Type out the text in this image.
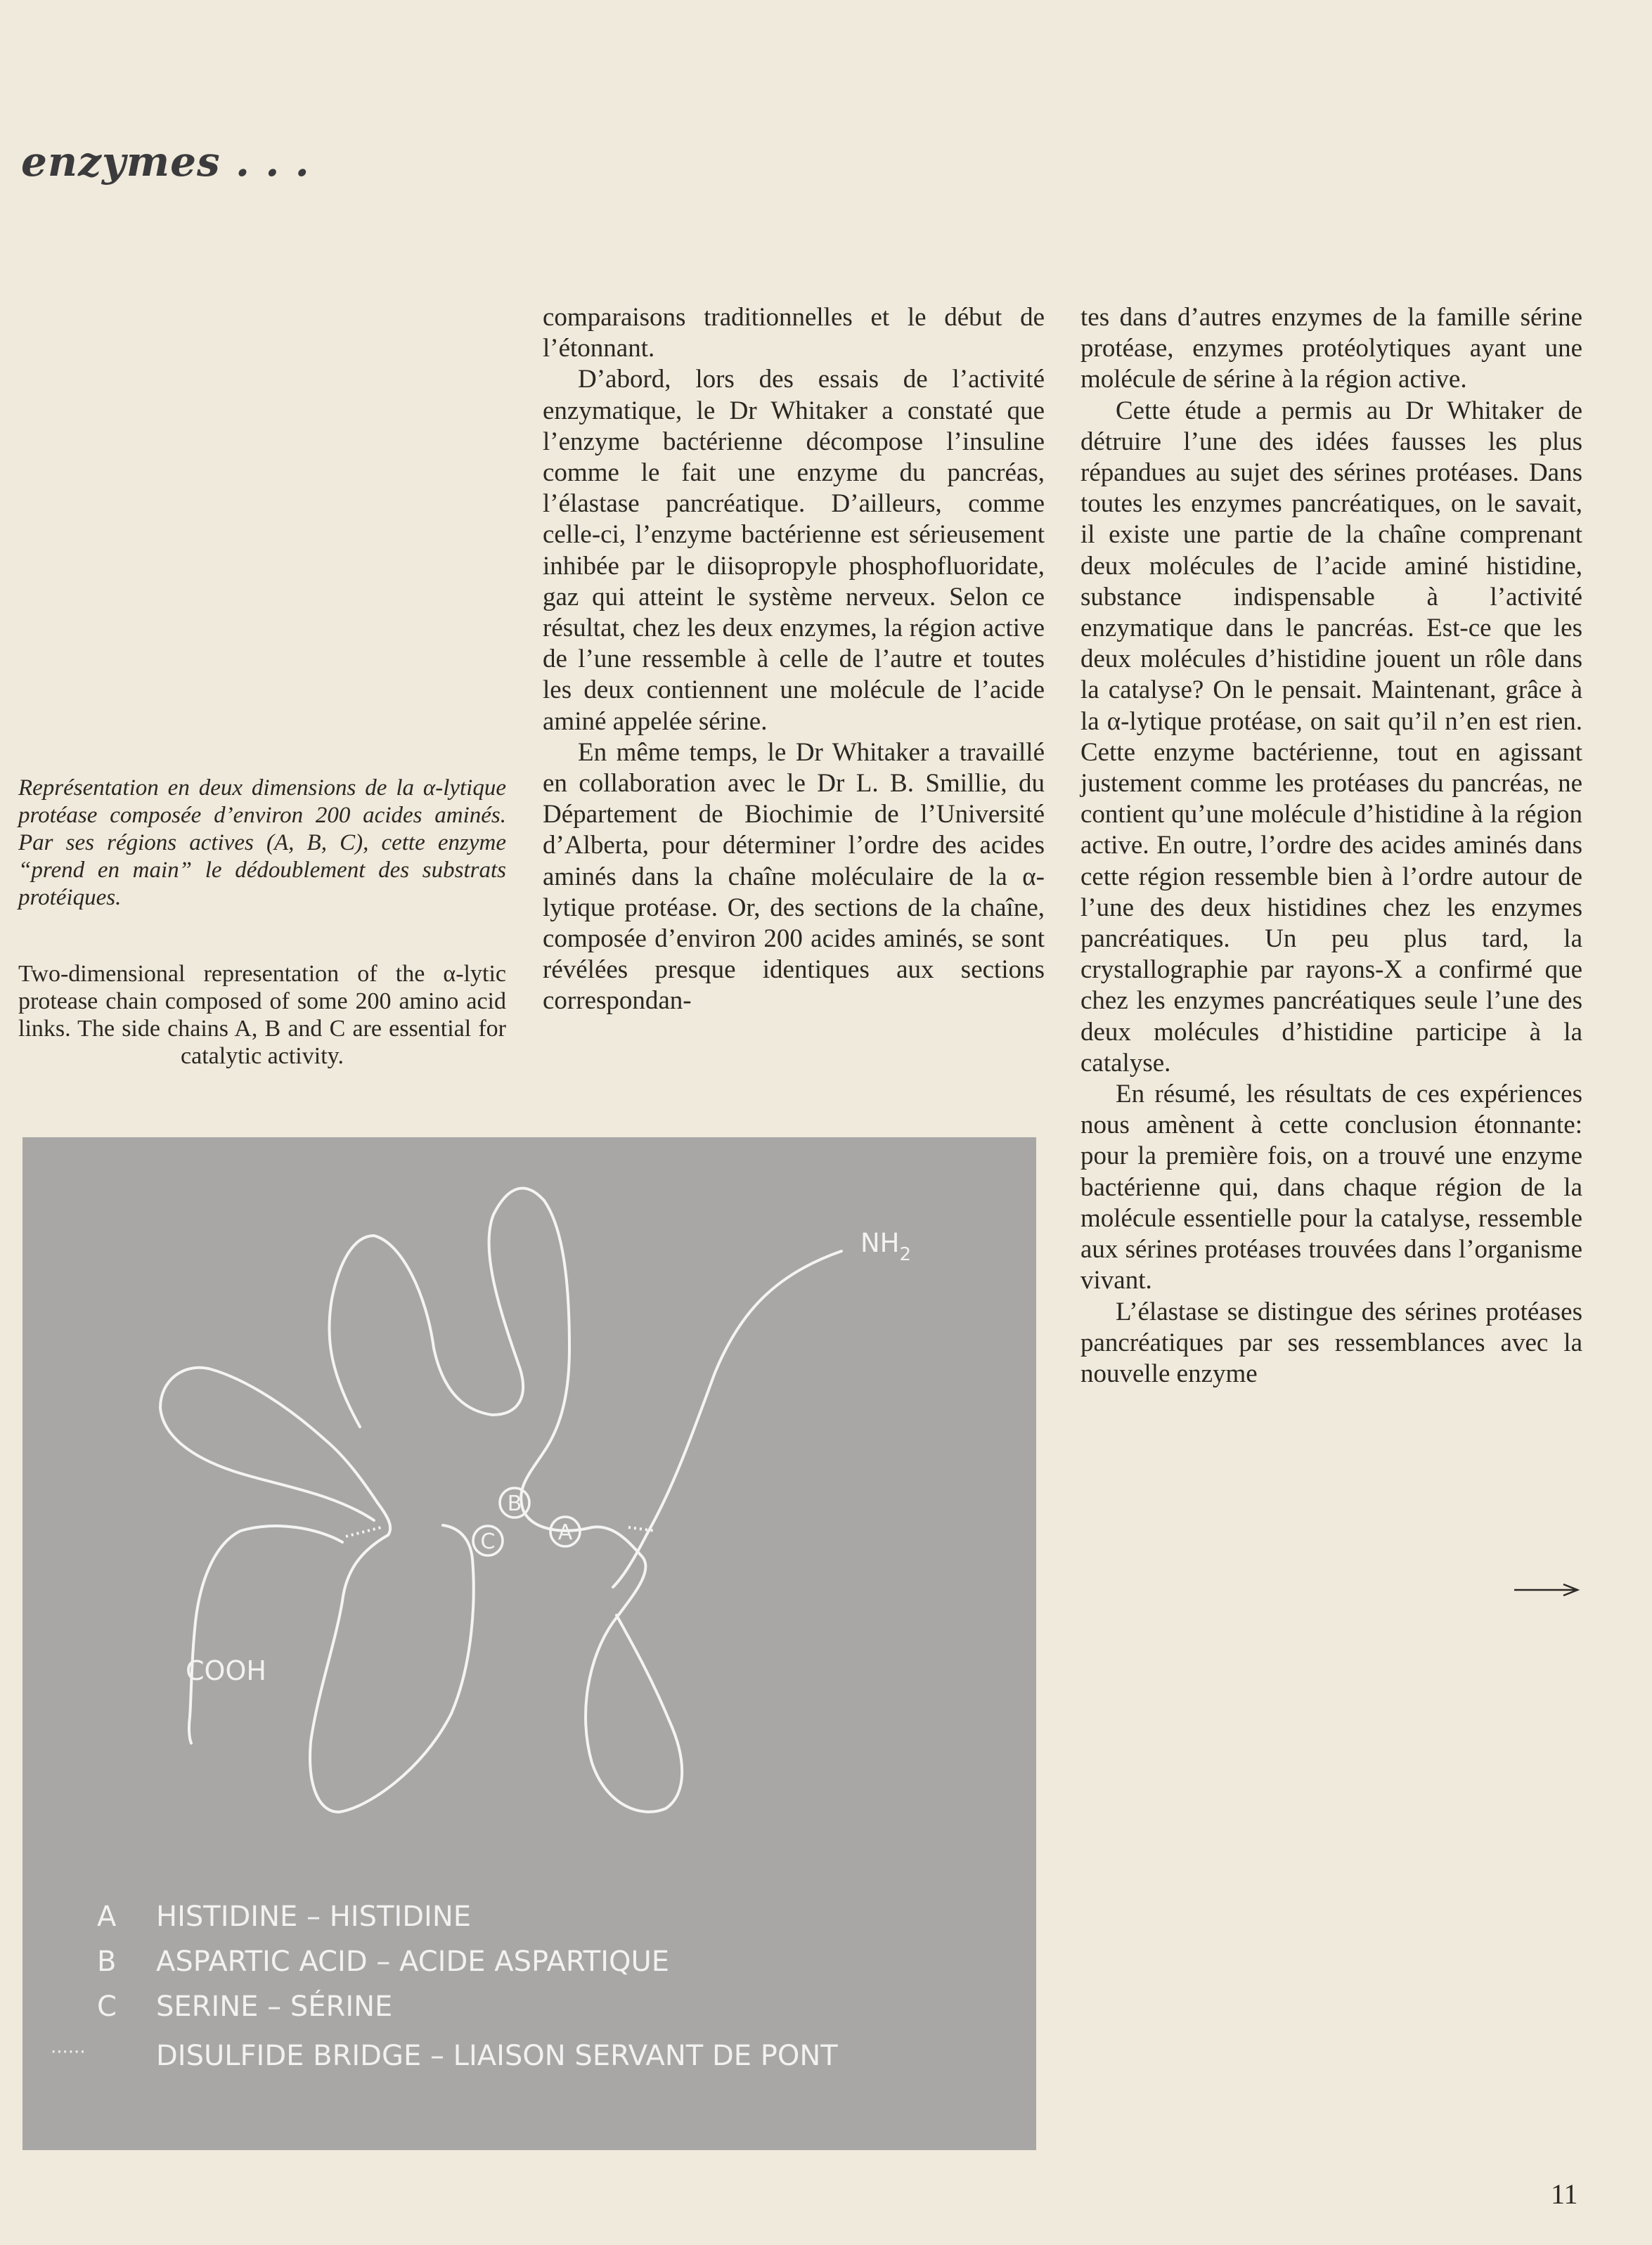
enzymes . . .
Représentation en deux dimensions de la α-lytique protéase composée d’environ 200 acides aminés. Par ses régions actives (A, B, C), cette enzyme “prend en main” le dédoublement des substrats protéiques.
Two-dimensional representation of the α-lytic protease chain composed of some 200 amino acid links. The side chains A, B and C are essential for catalytic activity.

comparaisons traditionnelles et le début de l’étonnant.

D’abord, lors des essais de l’activité enzymatique, le Dr Whitaker a constaté que l’enzyme bactérienne décompose l’insuline comme le fait une enzyme du pancréas, l’élastase pancréatique. D’ailleurs, comme celle-ci, l’enzyme bactérienne est sérieusement inhibée par le diisopropyle phosphofluoridate, gaz qui atteint le système nerveux. Selon ce résultat, chez les deux enzymes, la région active de l’une ressemble à celle de l’autre et toutes les deux contiennent une molécule de l’acide aminé appelée sérine.

En même temps, le Dr Whitaker a travaillé en collaboration avec le Dr L. B. Smillie, du Département de Biochimie de l’Université d’Alberta, pour déterminer l’ordre des acides aminés dans la chaîne moléculaire de la α-lytique protéase. Or, des sections de la chaîne, composée d’environ 200 acides aminés, se sont révélées presque identiques aux sections correspondan-

tes dans d’autres enzymes de la famille sérine protéase, enzymes protéolytiques ayant une molécule de sérine à la région active.

Cette étude a permis au Dr Whitaker de détruire l’une des idées fausses les plus répandues au sujet des sérines protéases. Dans toutes les enzymes pancréatiques, on le savait, il existe une partie de la chaîne comprenant deux molécules de l’acide aminé histidine, substance indispensable à l’activité enzymatique dans le pancréas. Est-ce que les deux molécules d’histidine jouent un rôle dans la catalyse? On le pensait. Maintenant, grâce à la α-lytique protéase, on sait qu’il n’en est rien. Cette enzyme bactérienne, tout en agissant justement comme les protéases du pancréas, ne contient qu’une molécule d’histidine à la région active. En outre, l’ordre des acides aminés dans cette région ressemble bien à l’ordre autour de l’une des deux histidines chez les enzymes pancréatiques. Un peu plus tard, la crystallographie par rayons-X a confirmé que chez les enzymes pancréatiques seule l’une des deux molécules d’histidine participe à la catalyse.

En résumé, les résultats de ces expériences nous amènent à cette conclusion étonnante: pour la première fois, on a trouvé une enzyme bactérienne qui, dans chaque région de la molécule essentielle pour la catalyse, ressemble aux sérines protéases trouvées dans l’organisme vivant.

L’élastase se distingue des sérines protéases pancréatiques par ses ressemblances avec la nouvelle enzyme

B
C	A
$NH_2$
COOH
A HISTIDINE – HISTIDINE
B ASPARTIC ACID – ACIDE ASPARTIQUE
C SERINE – SÉRINE
······	DISULFIDE BRIDGE – LIAISON SERVANT DE PONT
11
